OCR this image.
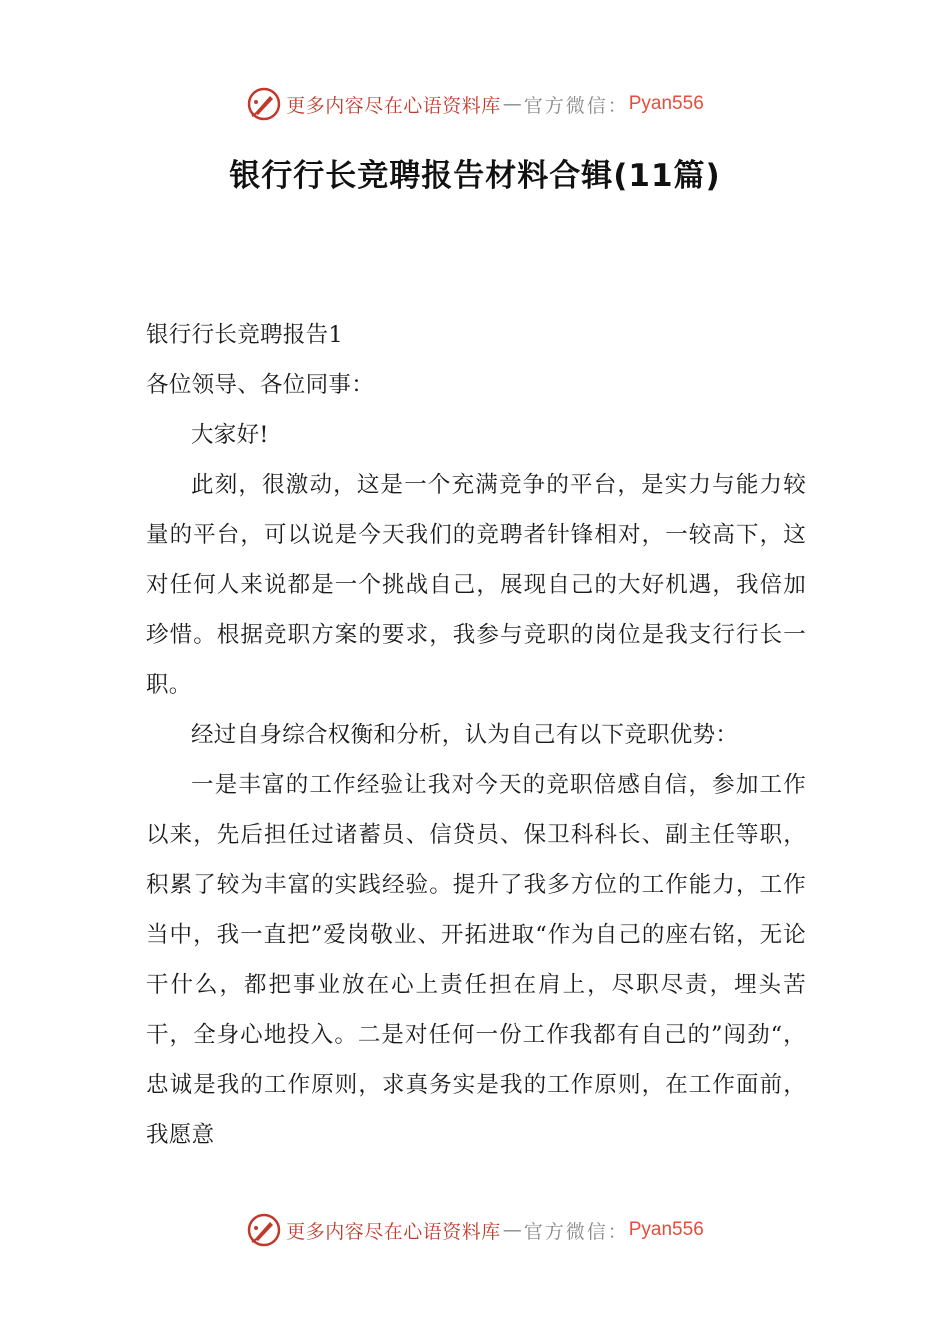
更多内容尽在心语资料库 — 官方微信： Pyan556
银行行长竞聘报告材料合辑(11篇)

银行行长竞聘报告1

各位领导、各位同事：

大家好!

此刻，很激动，这是一个充满竞争的平台，是实力与能力较量的平台，可以说是今天我们的竞聘者针锋相对，一较高下，这对任何人来说都是一个挑战自己，展现自己的大好机遇，我倍加珍惜。根据竞职方案的要求，我参与竞职的岗位是我支行行长一职。

经过自身综合权衡和分析，认为自己有以下竞职优势：

一是丰富的工作经验让我对今天的竞职倍感自信，参加工作以来，先后担任过诸蓄员、信贷员、保卫科科长、副主任等职，积累了较为丰富的实践经验。提升了我多方位的工作能力，工作当中，我一直把”爱岗敬业、开拓进取“作为自己的座右铭，无论干什么，都把事业放在心上责任担在肩上，尽职尽责，埋头苦干，全身心地投入。二是对任何一份工作我都有自己的”闯劲“，忠诚是我的工作原则，求真务实是我的工作原则，在工作面前，我愿意

更多内容尽在心语资料库 — 官方微信： Pyan556
